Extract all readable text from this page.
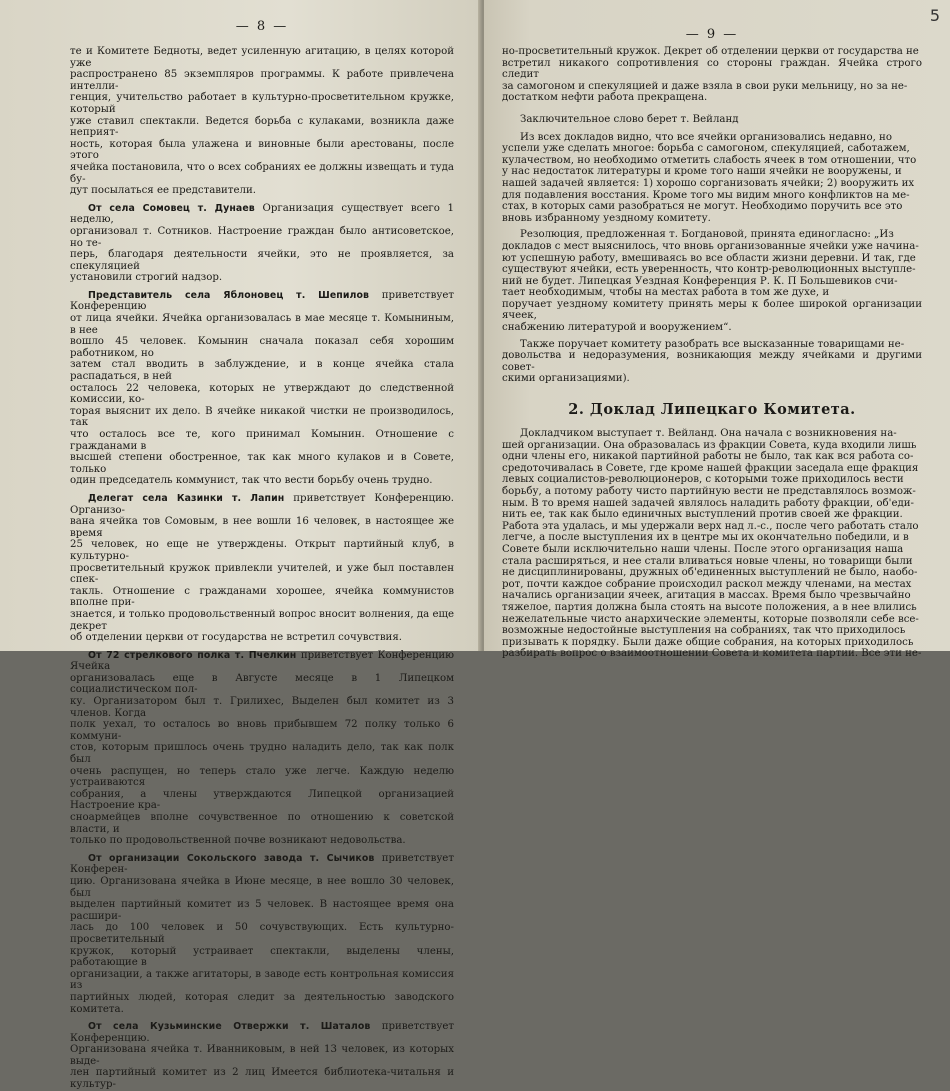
— 8 —

те и Комитете Бедноты, ведет усиленную агитацию, в целях которой уже
распространено 85 экземпляров программы. К работе привлечена интелли-
генция, учительство работает в культурно-просветительном кружке, который
уже ставил спектакли. Ведется борьба с кулаками, возникла даже неприят-
ность, которая была улажена и виновные были арестованы, после этого
ячейка постановила, что о всех собраниях ее должны извещать и туда бу-
дут посылаться ее представители.

От села Сомовец т. Дунаев Организация существует всего 1 неделю,
организовал т. Сотников. Настроение граждан было антисоветское, но те-
перь, благодаря деятельности ячейки, это не проявляется, за спекуляцией
установили строгий надзор.

Представитель села Яблоновец т. Шепилов приветствует Конференцию
от лица ячейки. Ячейка организовалась в мае месяце т. Комыниным, в нее
вошло 45 человек. Комынин сначала показал себя хорошим работником, но
затем стал вводить в заблуждение, и в конце ячейка стала распадаться, в ней
осталось 22 человека, которых не утверждают до следственной комиссии, ко-
торая выяснит их дело. В ячейке никакой чистки не производилось, так
что осталось все те, кого принимал Комынин. Отношение с гражданами в
высшей степени обостренное, так как много кулаков и в Совете, только
один председатель коммунист, так что вести борьбу очень трудно.

Делегат села Казинки т. Лапин приветствует Конференцию. Организо-
вана ячейка тов Сомовым, в нее вошли 16 человек, в настоящее же время
25 человек, но еще не утверждены. Открыт партийный клуб, в культурно-
просветительный кружок привлекли учителей, и уже был поставлен спек-
такль. Отношение с гражданами хорошее, ячейка коммунистов вполне при-
знается, и только продовольственный вопрос вносит волнения, да еще декрет
об отделении церкви от государства не встретил сочувствия.

От 72 стрелкового полка т. Пчелкин приветствует Конференцию Ячейка
организовалась еще в Августе месяце в 1 Липецком социалистическом пол-
ку. Организатором был т. Грилихес, Выделен был комитет из 3 членов. Когда
полк уехал, то осталось во вновь прибывшем 72 полку только 6 коммуни-
стов, которым пришлось очень трудно наладить дело, так как полк был
очень распущен, но теперь стало уже легче. Каждую неделю устраиваются
собрания, а члены утверждаются Липецкой организацией Настроение кра-
сноармейцев вполне сочувственное по отношению к советской власти, и
только по продовольственной почве возникают недовольства.

От организации Сокольского завода т. Сычиков приветствует Конферен-
цию. Организована ячейка в Июне месяце, в нее вошло 30 человек, был
выделен партийный комитет из 5 человек. В настоящее время она расшири-
лась до 100 человек и 50 сочувствующих. Есть культурно-просветительный
кружок, который устраивает спектакли, выделены члены, работающие в
организации, а также агитаторы, в заводе есть контрольная комиссия из
партийных людей, которая следит за деятельностью заводского комитета.

От села Кузьминские Отвержки т. Шаталов приветствует Конференцию.
Организована ячейка т. Иванниковым, в ней 13 человек, из которых выде-
лен партийный комитет из 2 лиц Имеется библиотека-читальня и культур-

5
— 9 —

но-просветительный кружок. Декрет об отделении церкви от государства не
встретил никакого сопротивления со стороны граждан. Ячейка строго следит
за самогоном и спекуляцией и даже взяла в свои руки мельницу, но за не-
достатком нефти работа прекращена.

Заключительное слово берет т. Вейланд

Из всех докладов видно, что все ячейки организовались недавно, но
успели уже сделать многое: борьба с самогоном, спекуляцией, саботажем,
кулачеством, но необходимо отметить слабость ячеек в том отношении, что
у нас недостаток литературы и кроме того наши ячейки не вооружены, и
нашей задачей является: 1) хорошо сорганизовать ячейки; 2) вооружить их
для подавления восстания. Кроме того мы видим много конфликтов на ме-
стах, в которых сами разобраться не могут. Необходимо поручить все это
вновь избранному уездному комитету.

Резолюция, предложенная т. Богдановой, принята единогласно: „Из
докладов с мест выяснилось, что вновь организованные ячейки уже начина-
ют успешную работу, вмешиваясь во все области жизни деревни. И так, где
существуют ячейки, есть уверенность, что контр-революционных выступле-
ний не будет. Липецкая Уездная Конференция Р. К. П Большевиков счи-
тает необходимым, чтобы на местах работа в том же духе, и
поручает уездному комитету принять меры к более широкой организации ячеек,
снабжению литературой и вооружением“.

Также поручает комитету разобрать все высказанные товарищами не-
довольства и недоразумения, возникающия между ячейками и другими совет-
скими организациями).

2. Доклад Липецкаго Комитета.

Докладчиком выступает т. Вейланд. Она начала с возникновения на-
шей организации. Она образовалась из фракции Совета, куда входили лишь
одни члены его, никакой партийной работы не было, так как вся работа со-
средоточивалась в Совете, где кроме нашей фракции заседала еще фракция
левых социалистов-революционеров, с которыми тоже приходилось вести
борьбу, а потому работу чисто партийную вести не представлялось возмож-
ным. В то время нашей задачей являлось наладить работу фракции, об'еди-
нить ее, так как было единичных выступлений против своей же фракции.
Работа эта удалась, и мы удержали верх над л.-с., после чего работать стало
легче, а после выступления их в центре мы их окончательно победили, и в
Совете были исключительно наши члены. После этого организация наша
стала расширяться, и нее стали вливаться новые члены, но товарищи были
не дисциплинированы, дружных об'единенных выступлений не было, наобо-
рот, почти каждое собрание происходил раскол между членами, на местах
начались организации ячеек, агитация в массах. Время было чрезвычайно
тяжелое, партия должна была стоять на высоте положения, а в нее влились
нежелательные чисто анархические элементы, которые позволяли себе все-
возможные недостойные выступления на собраниях, так что приходилось
призывать к порядку. Были даже общие собрания, на которых приходилось
разбирать вопрос о взаимоотношении Совета и комитета партии. Все эти не-
